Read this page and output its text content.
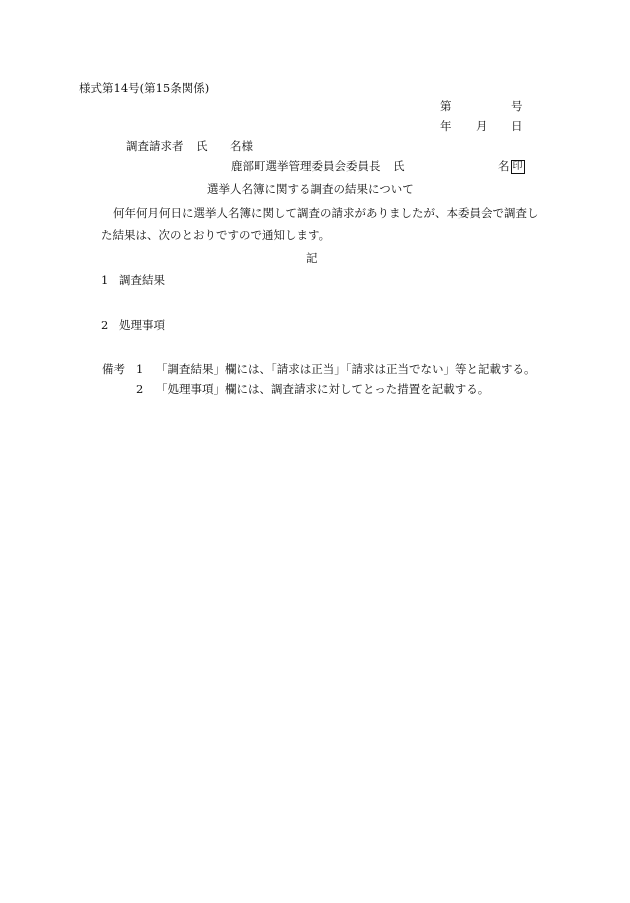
様式第14号(第15条関係)
第	号
年 月 日
調査請求者 氏 名様
鹿部町選挙管理委員会委員長 氏	名 印
選挙人名簿に関する調査の結果について
何年何月何日に選挙人名簿に関して調査の請求がありましたが、本委員会で調査し
た結果は、次のとおりですので通知します。
記
1 調査結果
2 処理事項
備考 1 「調査結果」欄には、「請求は正当」「請求は正当でない」等と記載する。
2 「処理事項」欄には、調査請求に対してとった措置を記載する。
